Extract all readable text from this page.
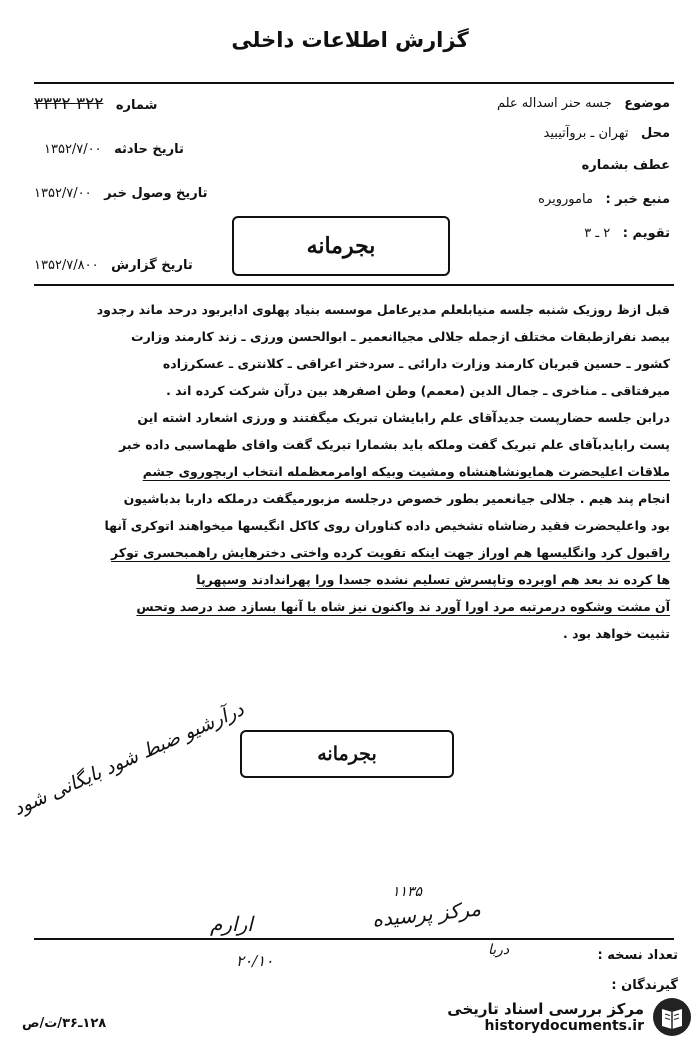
گزارش اطلاعات داخلی
موضوع جسه حنر اسداله علم
محل تهران ـ بروآتیبید
عطف بشماره
منبع خبر : مامورویره
تقویم : ۲ ـ ۳
شماره ۳۲۲ ۳۳۳۲
تاریخ حادثه ۱۳۵۲/۷/۰۰
تاریخ وصول خبر ۱۳۵۲/۷/۰۰
تاریخ گزارش ۱۳۵۲/۷/۸۰۰
بجرمانه

قبل ازظ روزیک شنبه جلسه منیابلعلم مدیرعامل موسسه بنیاد پهلوی ادایربود درحد ماند رجدود

بیصد نفرازطبقات مختلف ازجمله جلالی مجیاانعمیر ـ ابوالحسن ورزی ـ زند کارمند وزارت

کشور ـ حسین قبریان کارمند وزارت دارائی ـ سردختر اعراقی ـ کلانتری ـ عسکرزاده

میرفتاقی ـ مناخری ـ جمال الدین (معمم) وطن اصفرهد بین درآن شرکت کرده اند .

درابن جلسه حضارپست جدیدآقای علم رابایشان تبریک میگفتند و ورزی اشعارد اشته این

پست رابایدبآقای علم تبریک گفت وملکه باید بشمارا تبریک گفت واقای طهماسبی داده خبر

ملاقات اعلیحضرت همایونشاهنشاه ومشیت وبیکه اوامرمعظمله انتخاب اربچوروی جشم

انجام پند هیم . جلالی جیانعمیر بطور خصوص درجلسه مزبورمیگفت درملکه داربا بدباشیون

بود واعلیحضرت فقید رضاشاه تشخیص داده کناوران روی کاکل انگیسها میخواهند اتوکری آنها

راقبول کرد وانگلیسها هم اوراز جهت اینکه تقویت کرده واختی دخترهایش راهمبحسری توکر

ها کرده ند بعد هم اوبرده وتاپسرش تسلیم نشده جسدا ورا پهراندادند وسپهرپا

آن مشت وشکوه درمرتبه مرد اورا آورد ند واکنون نیز شاه با آنها بسازد صد درصد وتحس

تثبیت خواهد بود .

بجرمانه
درآرشیو ضبط شود بایگانی شود
ارارم
۲۰/۱۰
مرکز پرسیده
۱۱۳۵
دربا	تعداد نسخه :
گیرندگان :
۱۲۸ـ۳۶/ت/ص
مرکز بررسی اسناد تاریخی
historydocuments.ir
